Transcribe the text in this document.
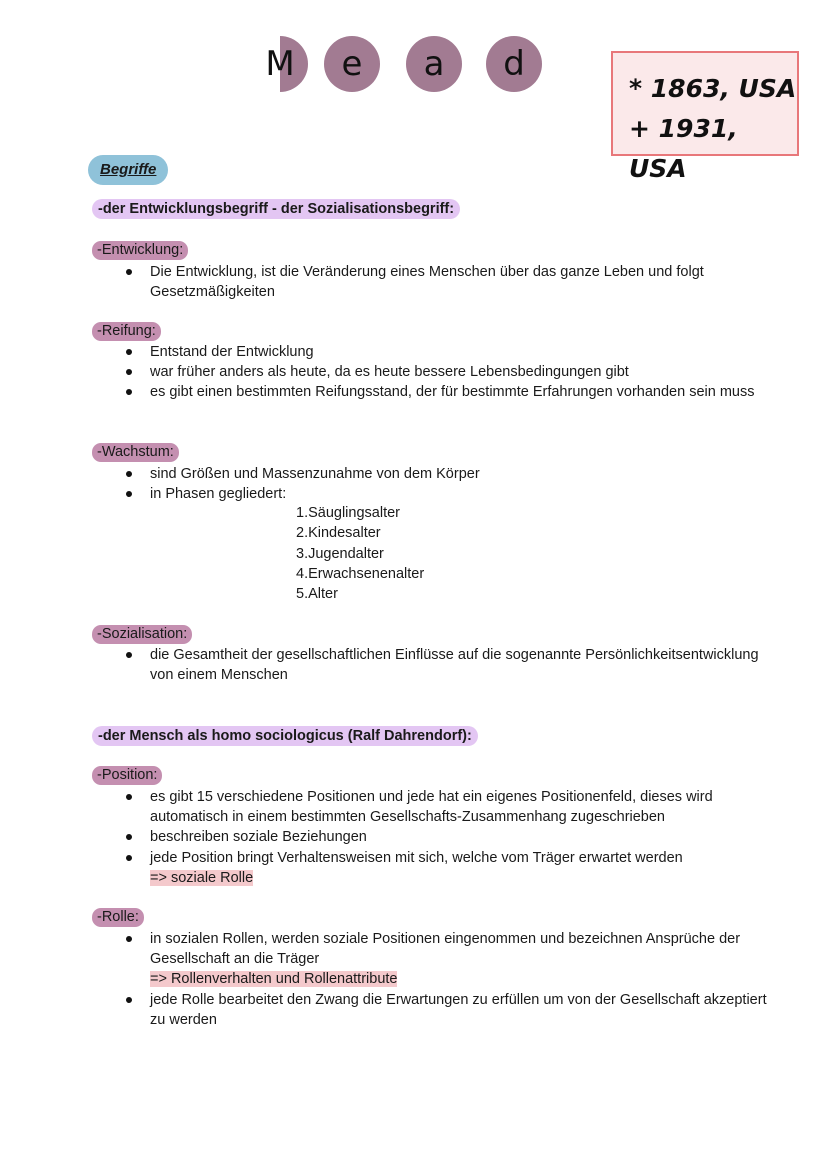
M e a d
* 1863, USA
+ 1931, USA
Begriffe
-der Entwicklungsbegriff - der Sozialisationsbegriff:
-Entwicklung:
Die Entwicklung, ist die Veränderung eines Menschen über das ganze Leben und folgt Gesetzmäßigkeiten
-Reifung:
Entstand der Entwicklung
war früher anders als heute, da es heute bessere Lebensbedingungen gibt
es gibt einen bestimmten Reifungsstand, der für bestimmte Erfahrungen vorhanden sein muss
-Wachstum:
sind Größen und Massenzunahme von dem Körper
in Phasen gegliedert:
1.Säuglingsalter
2.Kindesalter
3.Jugendalter
4.Erwachsenenalter
5.Alter
-Sozialisation:
die Gesamtheit der gesellschaftlichen Einflüsse auf die sogenannte Persönlichkeitsentwicklung von einem Menschen
-der Mensch als homo sociologicus (Ralf Dahrendorf):
-Position:
es gibt 15 verschiedene Positionen und jede hat ein eigenes Positionenfeld, dieses wird automatisch in einem bestimmten Gesellschafts-Zusammenhang zugeschrieben
beschreiben soziale Beziehungen
jede Position bringt Verhaltensweisen mit sich, welche vom Träger erwartet werden
=> soziale Rolle
-Rolle:
in sozialen Rollen, werden soziale Positionen eingenommen und bezeichnen Ansprüche der Gesellschaft an die Träger
=> Rollenverhalten und Rollenattribute
jede Rolle bearbeitet den Zwang die Erwartungen zu erfüllen um von der Gesellschaft akzeptiert zu werden
